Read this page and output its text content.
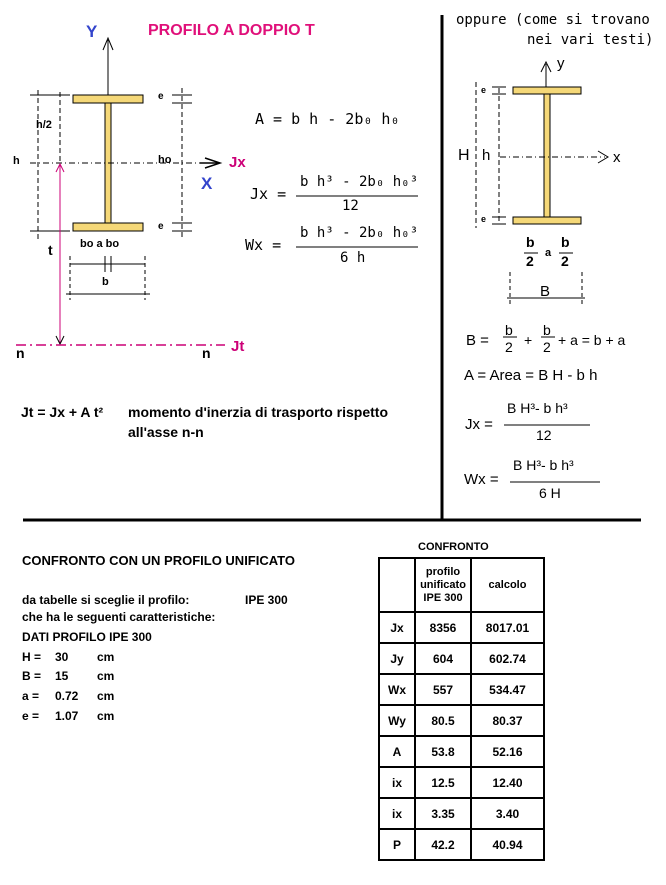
Y	PROFILO A DOPPIO T
e
h/2
h	ho	Jx
X
e
bo a bo
t
b
Jt
n	n
A = b h - 2b₀ h₀
Jx =
b h³ - 2b₀ h₀³
12
Wx =
b h³ - 2b₀ h₀³
6 h
Jt = Jx + A t² momento d'inerzia di trasporto rispetto
all'asse n-n
oppure (come si trovano
nei vari testi)
y
e
H h	x
e
b
2 a
b
2
B
B =
b
2 +
b
2 + a = b + a
A = Area = B H - b h
Jx =
B H³- b h³
12
Wx =
B H³- b h³
6 H
CONFRONTO CON UN PROFILO UNIFICATO
da tabelle si sceglie il profilo:	IPE 300
che ha le seguenti caratteristiche:
DATI PROFILO IPE 300
H = 30 cm
B = 15 cm
a = 0.72 cm
e = 1.07 cm
CONFRONTO
	profilo
unificato
IPE 300	calcolo
Jx	8356	8017.01
Jy	604	602.74
Wx	557	534.47
Wy	80.5	80.37
A	53.8	52.16
ix	12.5	12.40
ix	3.35	3.40
P	42.2	40.94
